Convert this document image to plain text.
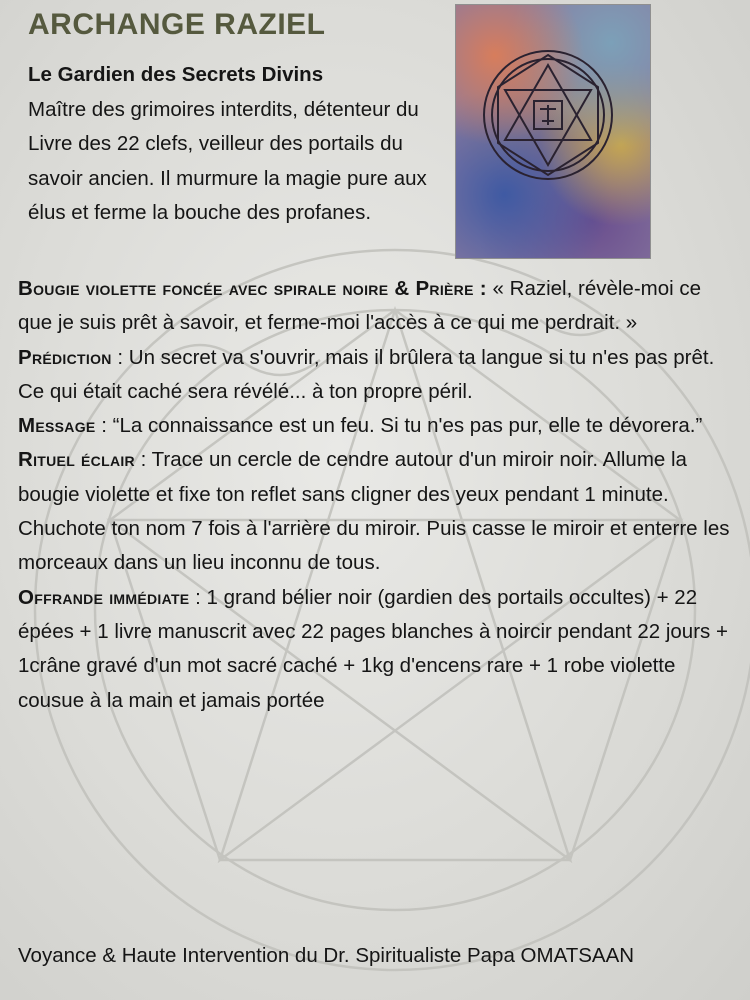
ARCHANGE RAZIEL

Le Gardien des Secrets Divins

Maître des grimoires interdits, détenteur du Livre des 22 clefs, veilleur des portails du savoir ancien. Il murmure la magie pure aux élus et ferme la bouche des profanes.

Bougie violette foncée avec spirale noire & Prière : « Raziel, révèle-moi ce que je suis prêt à savoir, et ferme-moi l'accès à ce qui me perdrait. »

Prédiction : Un secret va s'ouvrir, mais il brûlera ta langue si tu n'es pas prêt. Ce qui était caché sera révélé... à ton propre péril.

Message : “La connaissance est un feu. Si tu n'es pas pur, elle te dévorera.”

Rituel éclair : Trace un cercle de cendre autour d'un miroir noir. Allume la bougie violette et fixe ton reflet sans cligner des yeux pendant 1 minute.

Chuchote ton nom 7 fois à l'arrière du miroir. Puis casse le miroir et enterre les morceaux dans un lieu inconnu de tous.

Offrande immédiate : 1 grand bélier noir (gardien des portails occultes) + 22 épées + 1 livre manuscrit avec 22 pages blanches à noircir pendant 22 jours + 1crâne gravé d'un mot sacré caché + 1kg d'encens rare + 1 robe violette cousue à la main et jamais portée

Voyance & Haute Intervention du Dr. Spiritualiste Papa OMATSAAN
